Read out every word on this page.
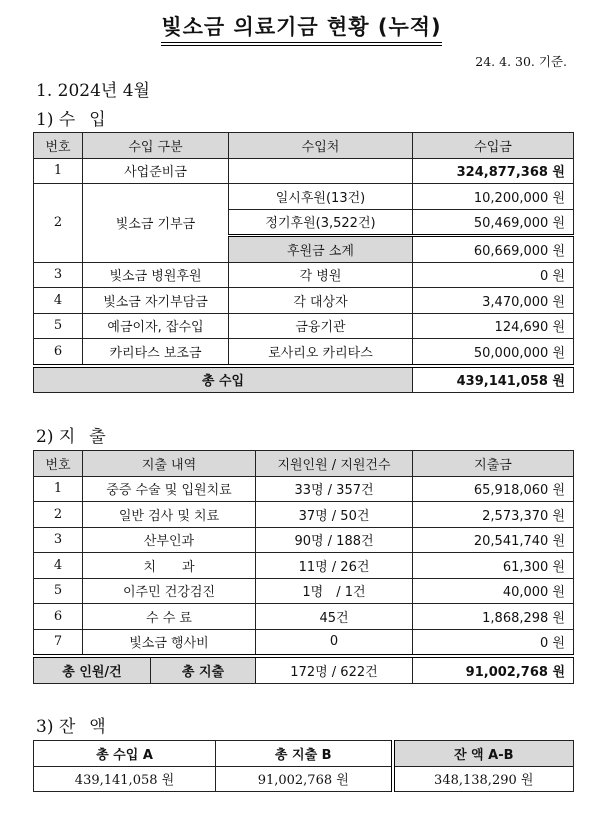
빛소금 의료기금 현황 (누적)
24. 4. 30. 기준.
1. 2024년 4월
1) 수 입
번호	수입 구분	수입처	수입금
1	사업준비금		324,877,368 원
2	빛소금 기부금	일시후원(13건)	10,200,000 원
		정기후원(3,522건)	50,469,000 원
		후원금 소계	60,669,000 원
3	빛소금 병원후원	각 병원	0 원
4	빛소금 자기부담금	각 대상자	3,470,000 원
5	예금이자, 잡수입	금융기관	124,690 원
6	카리타스 보조금	로사리오 카리타스	50,000,000 원
총 수입			439,141,058 원
2) 지 출
번호	지출 내역		지원인원 / 지원건수	지출금
1	중증 수술 및 입원치료		33명 / 357건	65,918,060 원
2	일반 검사 및 치료		37명 / 50건	2,573,370 원
3	산부인과		90명 / 188건	20,541,740 원
4	치　　과		11명 / 26건	61,300 원
5	이주민 건강검진		1명　/ 1건	40,000 원
6	수 수 료		45건	1,868,298 원
7	빛소금 행사비		0	0 원
총 인원/건		총 지출	172명 / 622건	91,002,768 원
3) 잔 액
총 수입 A	총 지출 B	잔 액 A-B
439,141,058 원	91,002,768 원	348,138,290 원
